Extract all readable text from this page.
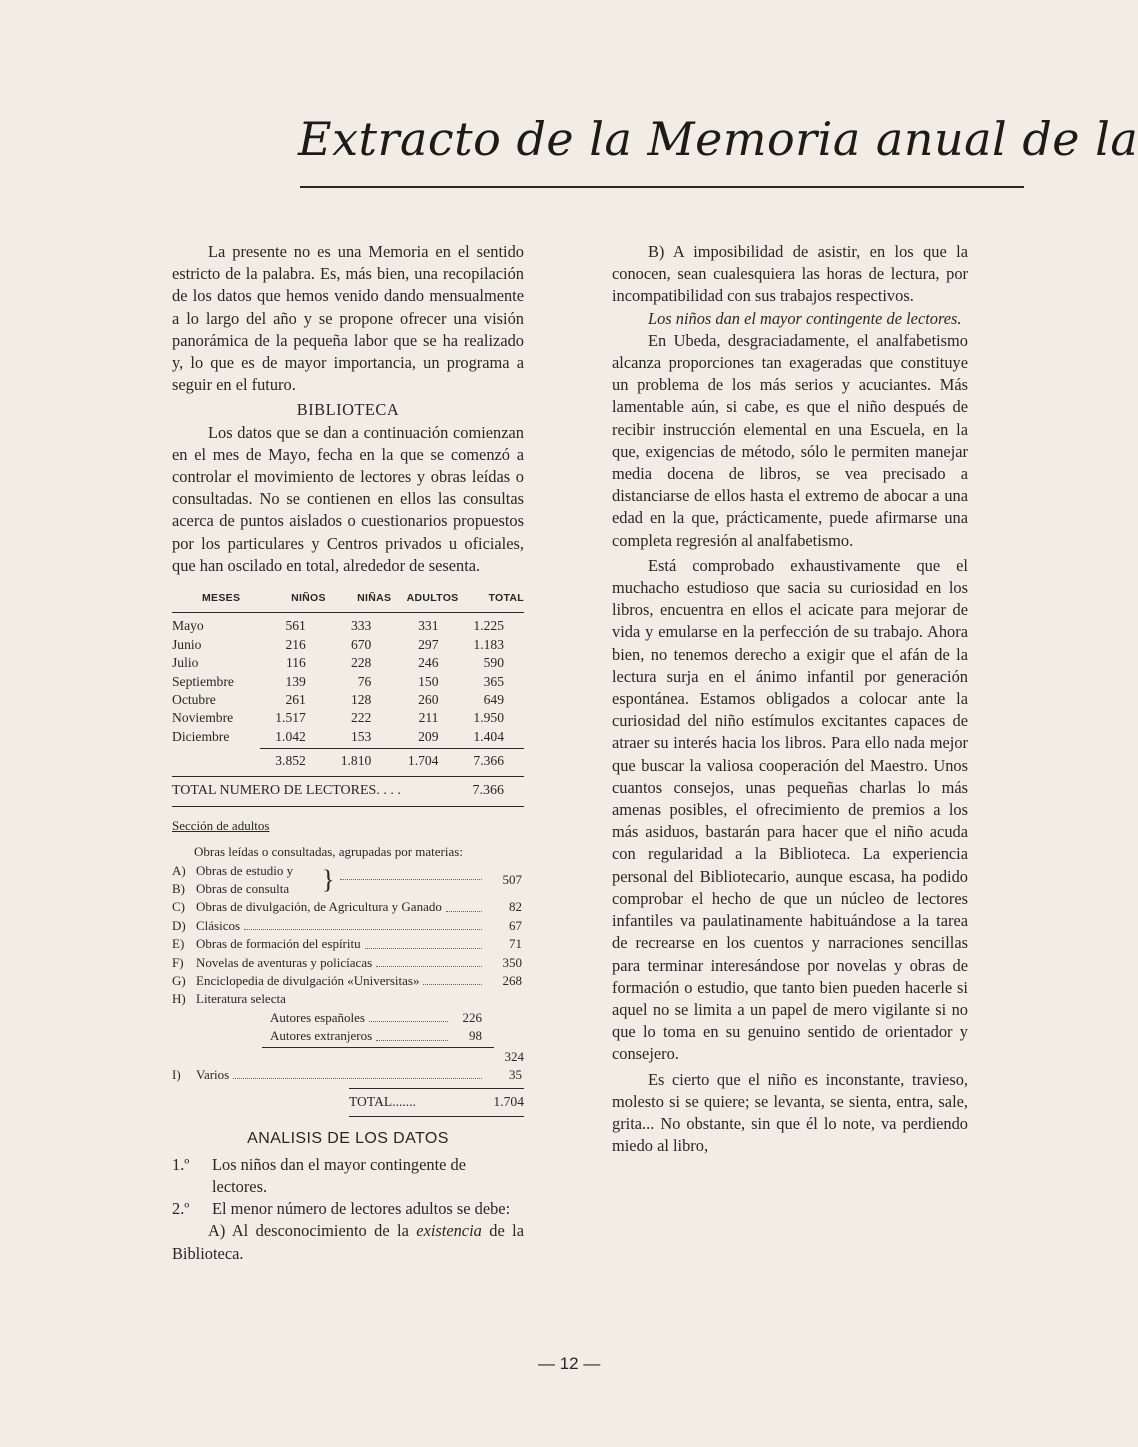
Extracto de la Memoria anual de la

La presente no es una Memoria en el sentido estricto de la palabra. Es, más bien, una recopilación de los datos que hemos venido dando mensualmente a lo largo del año y se propone ofrecer una visión panorámica de la pequeña labor que se ha realizado y, lo que es de mayor importancia, un programa a seguir en el futuro.

BIBLIOTECA

Los datos que se dan a continuación comienzan en el mes de Mayo, fecha en la que se comenzó a controlar el movimiento de lectores y obras leídas o consultadas. No se contienen en ellos las consultas acerca de puntos aislados o cuestionarios propuestos por los particulares y Centros privados u oficiales, que han oscilado en total, alrededor de sesenta.

MESES	NIÑOS	NIÑAS	ADULTOS	TOTAL
Mayo	561	333	331	1.225
Junio	216	670	297	1.183
Julio	116	228	246	590
Septiembre	139	76	150	365
Octubre	261	128	260	649
Noviembre	1.517	222	211	1.950
Diciembre	1.042	153	209	1.404
	3.852	1.810	1.704	7.366
TOTAL NUMERO DE LECTORES. . . .	7.366
Sección de adultos
Obras leídas o consultadas, agrupadas por materias:
A) Obras de estudio y
B) Obras de consulta }	507
C) Obras de divulgación, de Agricultura y Ganado	82
D) Clásicos	67
E) Obras de formación del espíritu	71
F) Novelas de aventuras y policíacas	350
G) Enciclopedia de divulgación «Universitas»	268
H) Literatura selecta
Autores españoles	226
Autores extranjeros	98
324
I)	Varios	35
TOTAL.......	1.704
ANALISIS DE LOS DATOS
1.º	Los niños dan el mayor contingente de lectores.
2.º	El menor número de lectores adultos se debe:

A) Al desconocimiento de la existencia de la Biblioteca.

B) A imposibilidad de asistir, en los que la conocen, sean cualesquiera las horas de lectura, por incompatibilidad con sus trabajos respectivos.

Los niños dan el mayor contingente de lectores.

En Ubeda, desgraciadamente, el analfabetismo alcanza proporciones tan exageradas que constituye un problema de los más serios y acuciantes. Más lamentable aún, si cabe, es que el niño después de recibir instrucción elemental en una Escuela, en la que, exigencias de método, sólo le permiten manejar media docena de libros, se vea precisado a distanciarse de ellos hasta el extremo de abocar a una edad en la que, prácticamente, puede afirmarse una completa regresión al analfabetismo.

Está comprobado exhaustivamente que el muchacho estudioso que sacia su curiosidad en los libros, encuentra en ellos el acicate para mejorar de vida y emularse en la perfección de su trabajo. Ahora bien, no tenemos derecho a exigir que el afán de la lectura surja en el ánimo infantil por generación espontánea. Estamos obligados a colocar ante la curiosidad del niño estímulos excitantes capaces de atraer su interés hacia los libros. Para ello nada mejor que buscar la valiosa cooperación del Maestro. Unos cuantos consejos, unas pequeñas charlas lo más amenas posibles, el ofrecimiento de premios a los más asiduos, bastarán para hacer que el niño acuda con regularidad a la Biblioteca. La experiencia personal del Bibliotecario, aunque escasa, ha podido comprobar el hecho de que un núcleo de lectores infantiles va paulatinamente habituándose a la tarea de recrearse en los cuentos y narraciones sencillas para terminar interesándose por novelas y obras de formación o estudio, que tanto bien pueden hacerle si aquel no se limita a un papel de mero vigilante si no que lo toma en su genuino sentido de orientador y consejero.

Es cierto que el niño es inconstante, travieso, molesto si se quiere; se levanta, se sienta, entra, sale, grita... No obstante, sin que él lo note, va perdiendo miedo al libro,

— 12 —
